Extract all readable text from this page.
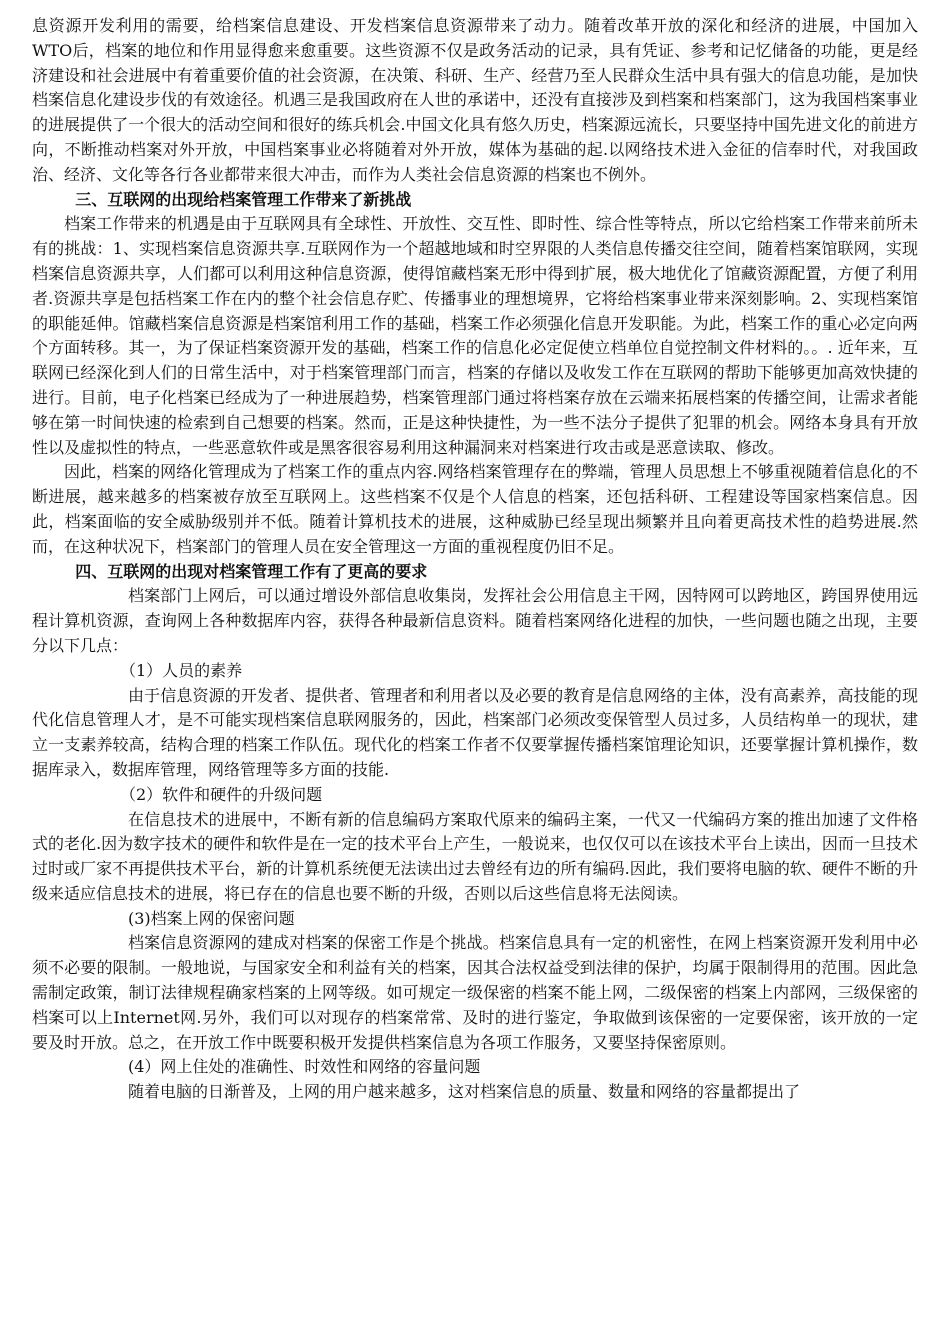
息资源开发利用的需要，给档案信息建设、开发档案信息资源带来了动力。随着改革开放的深化和经济的进展，中国加入WTO后，档案的地位和作用显得愈来愈重要。这些资源不仅是政务活动的记录，具有凭证、参考和记忆储备的功能，更是经济建设和社会进展中有着重要价值的社会资源，在决策、科研、生产、经营乃至人民群众生活中具有强大的信息功能，是加快档案信息化建设步伐的有效途径。机遇三是我国政府在人世的承诺中，还没有直接涉及到档案和档案部门，这为我国档案事业的进展提供了一个很大的活动空间和很好的练兵机会.中国文化具有悠久历史，档案源远流长，只要坚持中国先进文化的前进方向，不断推动档案对外开放，中国档案事业必将随着对外开放，媒体为基础的起.以网络技术进入金征的信奉时代，对我国政治、经济、文化等各行各业都带来很大冲击，而作为人类社会信息资源的档案也不例外。

三、互联网的出现给档案管理工作带来了新挑战

档案工作带来的机遇是由于互联网具有全球性、开放性、交互性、即时性、综合性等特点，所以它给档案工作带来前所未有的挑战：1、实现档案信息资源共享.互联网作为一个超越地域和时空界限的人类信息传播交往空间，随着档案馆联网，实现档案信息资源共享，人们都可以利用这种信息资源，使得馆藏档案无形中得到扩展，极大地优化了馆藏资源配置，方便了利用者.资源共享是包括档案工作在内的整个社会信息存贮、传播事业的理想境界，它将给档案事业带来深刻影响。2、实现档案馆的职能延伸。馆藏档案信息资源是档案馆利用工作的基础，档案工作必须强化信息开发职能。为此，档案工作的重心必定向两个方面转移。其一，为了保证档案资源开发的基础，档案工作的信息化必定促使立档单位自觉控制文件材料的。。. 近年来，互联网已经深化到人们的日常生活中，对于档案管理部门而言，档案的存储以及收发工作在互联网的帮助下能够更加高效快捷的进行。目前，电子化档案已经成为了一种进展趋势，档案管理部门通过将档案存放在云端来拓展档案的传播空间，让需求者能够在第一时间快速的检索到自己想要的档案。然而，正是这种快捷性，为一些不法分子提供了犯罪的机会。网络本身具有开放性以及虚拟性的特点，一些恶意软件或是黑客很容易利用这种漏洞来对档案进行攻击或是恶意读取、修改。

因此，档案的网络化管理成为了档案工作的重点内容.网络档案管理存在的弊端，管理人员思想上不够重视随着信息化的不断进展，越来越多的档案被存放至互联网上。这些档案不仅是个人信息的档案，还包括科研、工程建设等国家档案信息。因此，档案面临的安全威胁级别并不低。随着计算机技术的进展，这种威胁已经呈现出频繁并且向着更高技术性的趋势进展.然而，在这种状况下，档案部门的管理人员在安全管理这一方面的重视程度仍旧不足。

四、互联网的出现对档案管理工作有了更高的要求

档案部门上网后，可以通过增设外部信息收集岗，发挥社会公用信息主干网，因特网可以跨地区，跨国界使用远程计算机资源，查询网上各种数据库内容，获得各种最新信息资料。随着档案网络化进程的加快，一些问题也随之出现，主要分以下几点：

（1）人员的素养

由于信息资源的开发者、提供者、管理者和利用者以及必要的教育是信息网络的主体，没有高素养，高技能的现代化信息管理人才，是不可能实现档案信息联网服务的，因此，档案部门必须改变保管型人员过多，人员结构单一的现状，建立一支素养较高，结构合理的档案工作队伍。现代化的档案工作者不仅要掌握传播档案馆理论知识，还要掌握计算机操作，数据库录入，数据库管理，网络管理等多方面的技能.

（2）软件和硬件的升级问题

在信息技术的进展中，不断有新的信息编码方案取代原来的编码主案，一代又一代编码方案的推出加速了文件格式的老化.因为数字技术的硬件和软件是在一定的技术平台上产生，一般说来，也仅仅可以在该技术平台上读出，因而一旦技术过时或厂家不再提供技术平台，新的计算机系统便无法读出过去曾经有边的所有编码.因此，我们要将电脑的软、硬件不断的升级来适应信息技术的进展，将已存在的信息也要不断的升级，否则以后这些信息将无法阅读。

(3)档案上网的保密问题

档案信息资源网的建成对档案的保密工作是个挑战。档案信息具有一定的机密性，在网上档案资源开发利用中必须不必要的限制。一般地说，与国家安全和利益有关的档案，因其合法权益受到法律的保护，均属于限制得用的范围。因此急需制定政策，制订法律规程确家档案的上网等级。如可规定一级保密的档案不能上网，二级保密的档案上内部网，三级保密的档案可以上Internet网.另外，我们可以对现存的档案常常、及时的进行鉴定，争取做到该保密的一定要保密，该开放的一定要及时开放。总之，在开放工作中既要积极开发提供档案信息为各项工作服务，又要坚持保密原则。

(4）网上住处的准确性、时效性和网络的容量问题

随着电脑的日渐普及，上网的用户越来越多，这对档案信息的质量、数量和网络的容量都提出了
